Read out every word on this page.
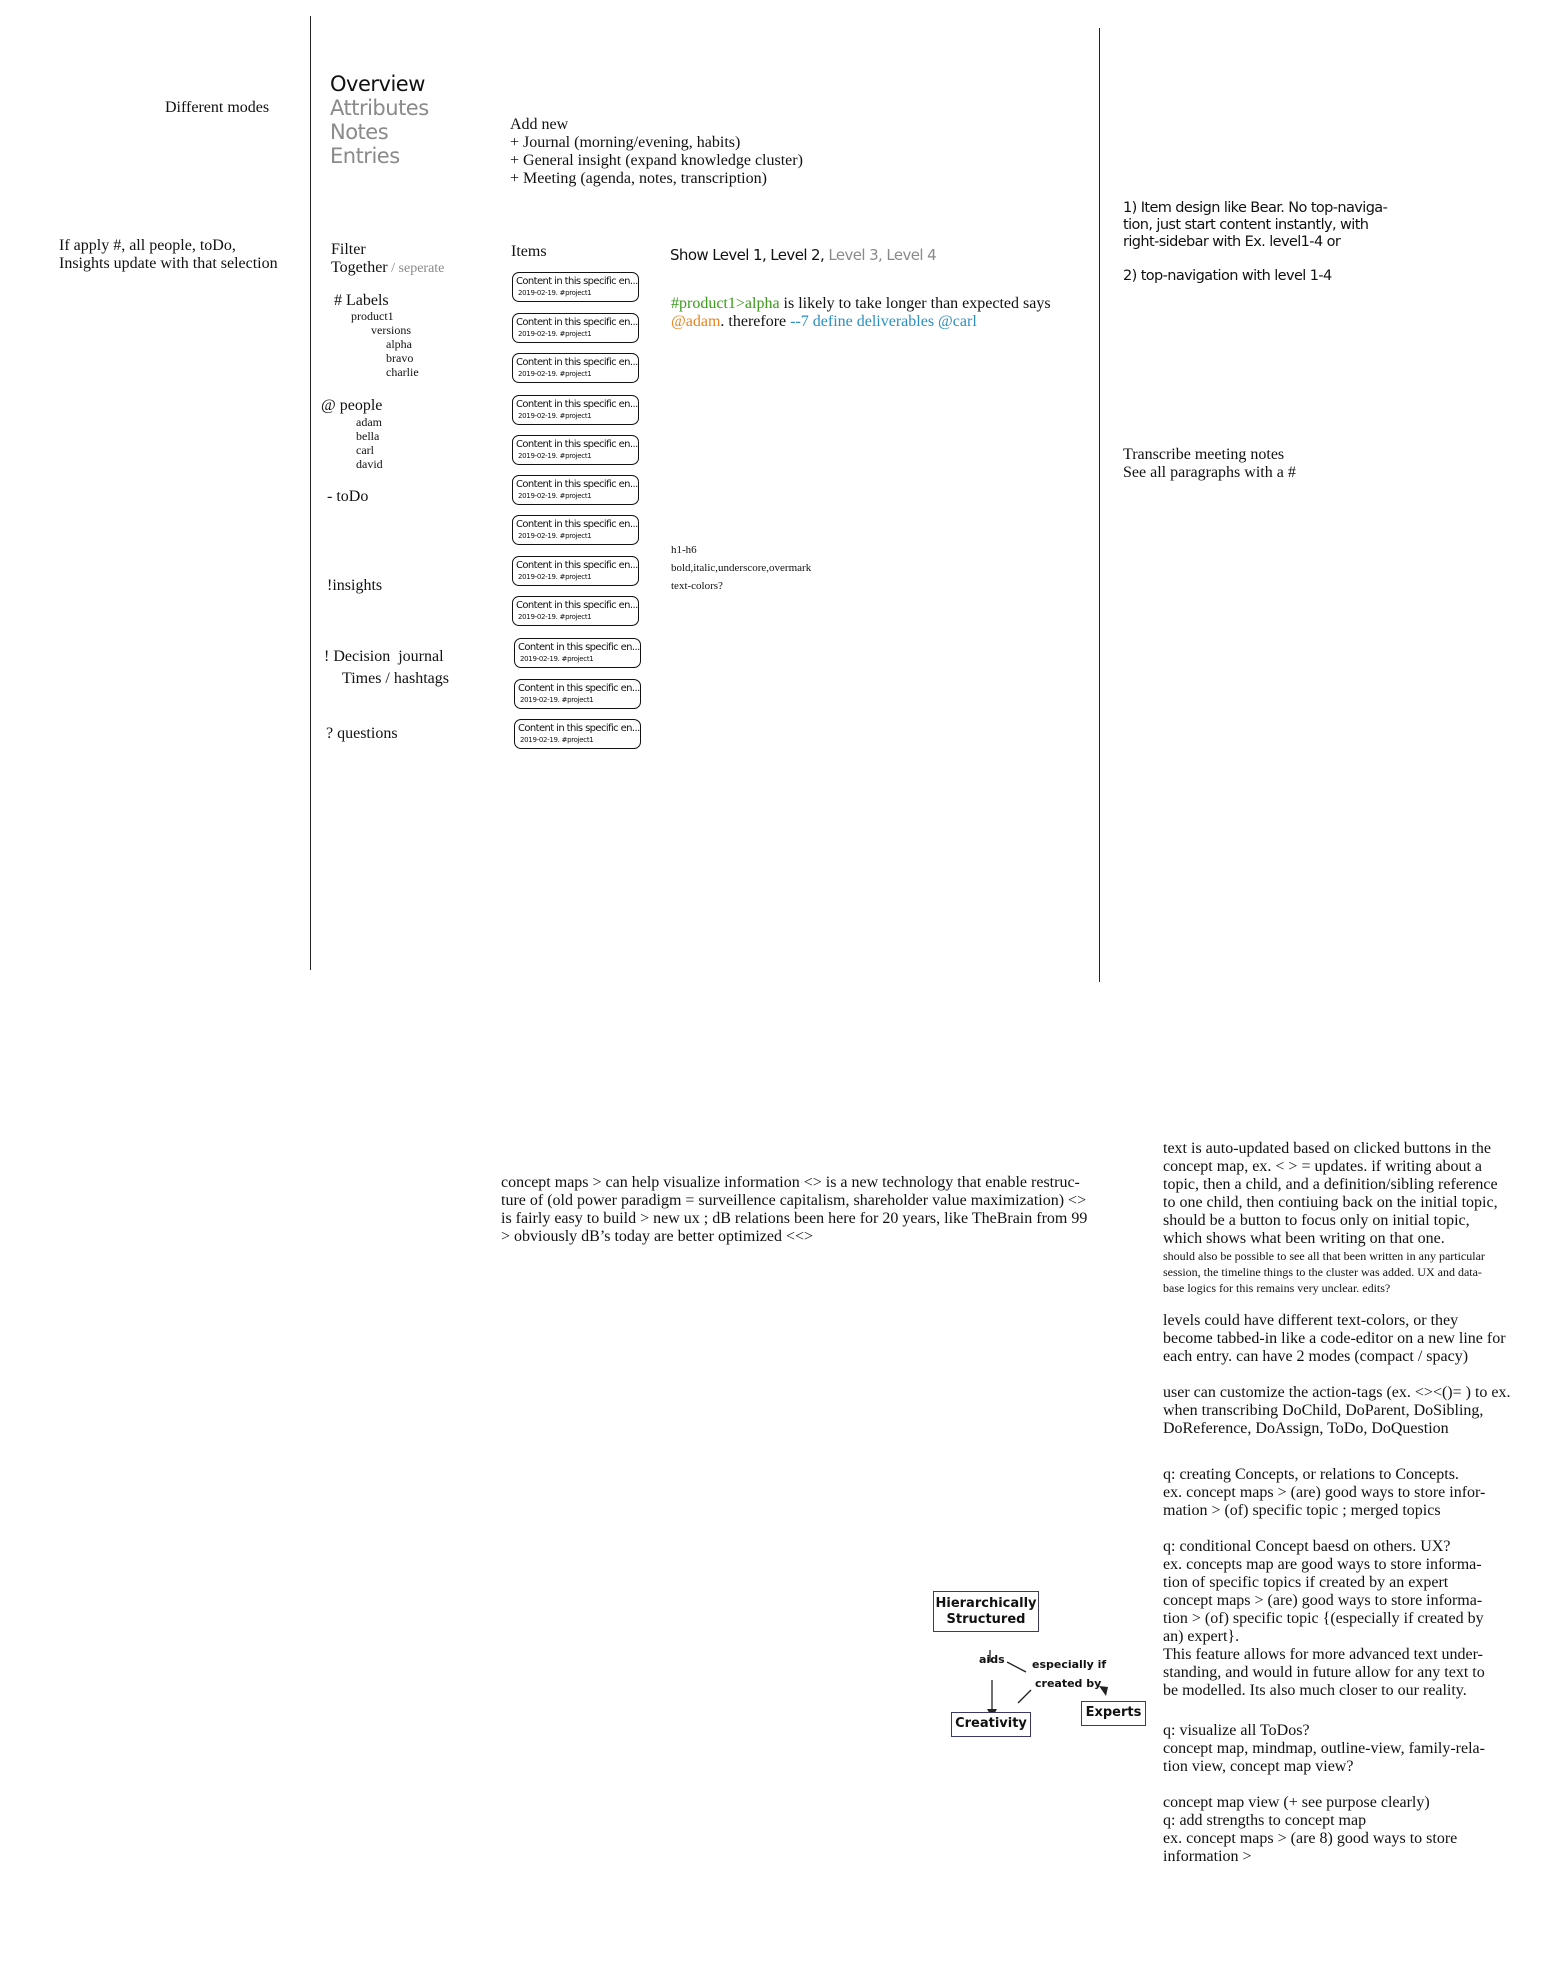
Different modes
If apply #, all people, toDo,
Insights update with that selection
Overview
Attributes
Notes
Entries
Add new
+ Journal (morning/evening, habits)
+ General insight (expand knowledge cluster)
+ Meeting (agenda, notes, transcription)
Filter
Together / seperate
# Labels
product1
versions
alpha
bravo
charlie
@ people
adam
bella
carl
david
- toDo
!insights
! Decision  journal
Times / hashtags
? questions
Items
Content in this specific en...
2019-02-19. #project1
Content in this specific en...
2019-02-19. #project1
Content in this specific en...
2019-02-19. #project1
Content in this specific en...
2019-02-19. #project1
Content in this specific en...
2019-02-19. #project1
Content in this specific en...
2019-02-19. #project1
Content in this specific en...
2019-02-19. #project1
Content in this specific en...
2019-02-19. #project1
Content in this specific en...
2019-02-19. #project1
Content in this specific en...
2019-02-19. #project1
Content in this specific en...
2019-02-19. #project1
Content in this specific en...
2019-02-19. #project1
Show Level 1, Level 2, Level 3, Level 4
#product1>alpha is likely to take longer than expected says
@adam. therefore --7 define deliverables @carl
h1-h6
bold,italic,underscore,overmark
text-colors?
1) Item design like Bear. No top-naviga-
tion, just start content instantly, with
right-sidebar with Ex. level1-4 or
2) top-navigation with level 1-4
Transcribe meeting notes
See all paragraphs with a #
concept maps > can help visualize information <> is a new technology that enable restruc-
ture of (old power paradigm = surveillence capitalism, shareholder value maximization) <>
is fairly easy to build > new ux ; dB relations been here for 20 years, like TheBrain from 99
> obviously dB’s today are better optimized <<>
text is auto-updated based on clicked buttons in the
concept map, ex. < > = updates. if writing about a
topic, then a child, and a definition/sibling reference
to one child, then contiuing back on the initial topic,
should be a button to focus only on initial topic,
which shows what been writing on that one.
should also be possible to see all that been written in any particular
session, the timeline things to the cluster was added. UX and data-
base logics for this remains very unclear. edits?
levels could have different text-colors, or they
become tabbed-in like a code-editor on a new line for
each entry. can have 2 modes (compact / spacy)
user can customize the action-tags (ex. <><()= ) to ex.
when transcribing DoChild, DoParent, DoSibling,
DoReference, DoAssign, ToDo, DoQuestion
q: creating Concepts, or relations to Concepts.
ex. concept maps > (are) good ways to store infor-
mation > (of) specific topic ; merged topics
q: conditional Concept baesd on others. UX?
ex. concepts map are good ways to store informa-
tion of specific topics if created by an expert
concept maps > (are) good ways to store informa-
tion > (of) specific topic {(especially if created by
an) expert}.
This feature allows for more advanced text under-
standing, and would in future allow for any text to
be modelled. Its also much closer to our reality.
q: visualize all ToDos?
concept map, mindmap, outline-view, family-rela-
tion view, concept map view?
concept map view (+ see purpose clearly)
q: add strengths to concept map
ex. concept maps > (are 8) good ways to store
information >
Hierarchically
Structured
Creativity
Experts
aids especially if
created by
